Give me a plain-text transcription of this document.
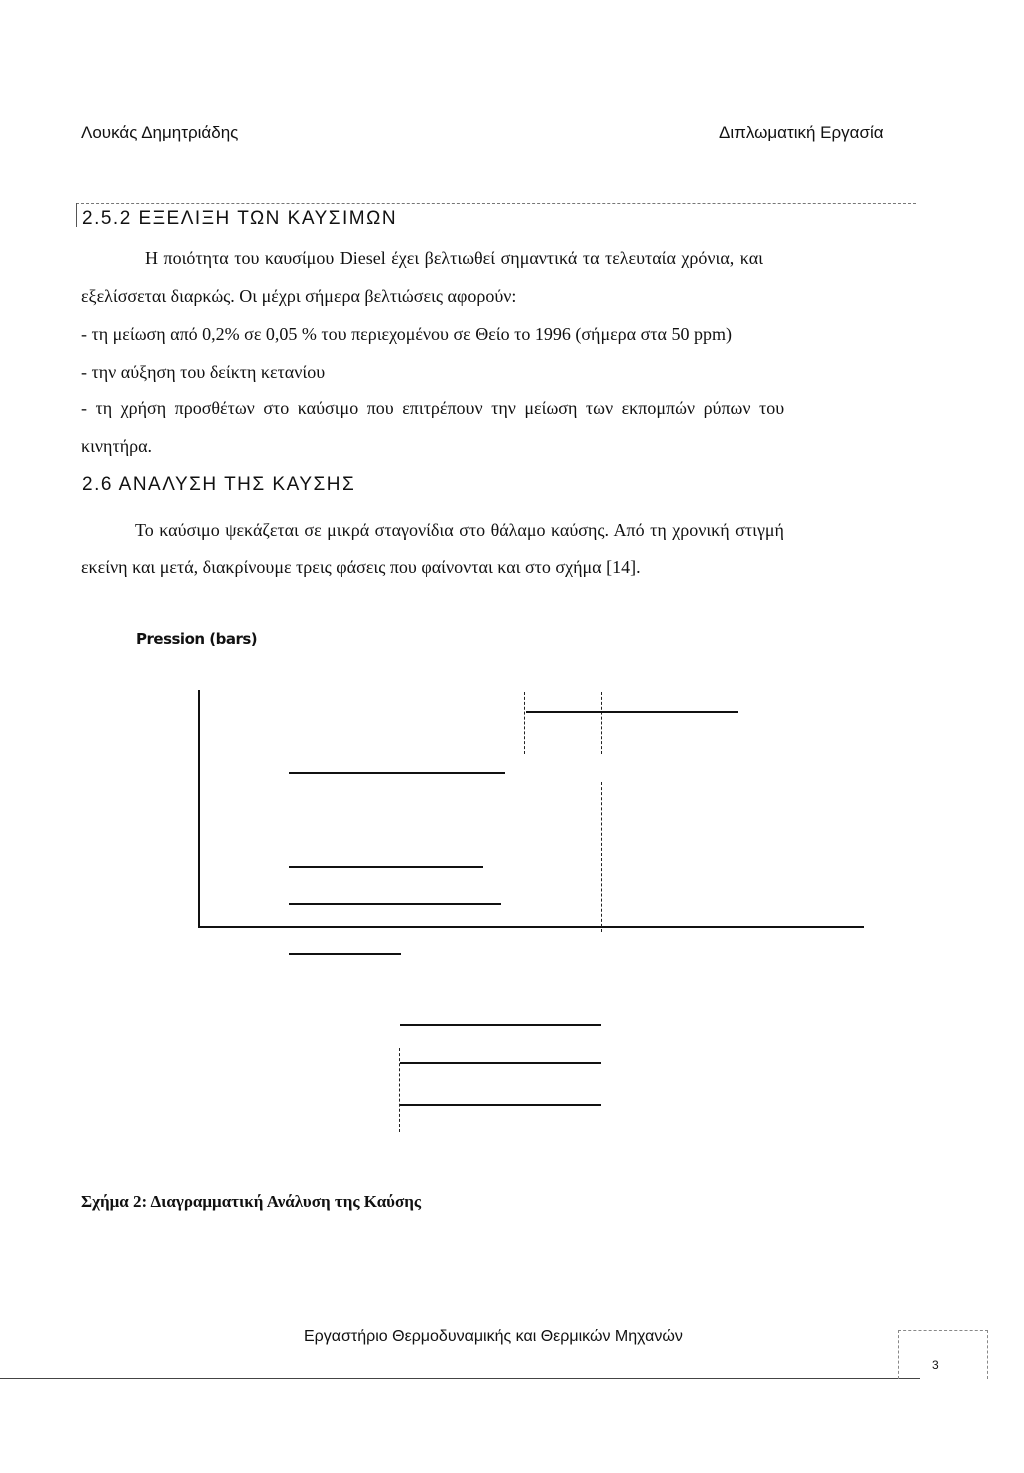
Λουκάς Δημητριάδης	Διπλωματική Εργασία
2.5.2 ΕΞΕΛΙΞΗ ΤΩΝ ΚΑΥΣΙΜΩΝ
Η ποιότητα του καυσίμου Diesel έχει βελτιωθεί σημαντικά τα τελευταία χρόνια, και
εξελίσσεται διαρκώς. Οι μέχρι σήμερα βελτιώσεις αφορούν:
- τη μείωση από 0,2% σε 0,05 % του περιεχομένου σε Θείο το 1996 (σήμερα στα 50 ppm)
- την αύξηση του δείκτη κετανίου
- τη χρήση προσθέτων στο καύσιμο που επιτρέπουν την μείωση των εκπομπών ρύπων του
κινητήρα.
2.6 ΑΝΑΛΥΣΗ ΤΗΣ ΚΑΥΣΗΣ
Το καύσιμο ψεκάζεται σε μικρά σταγονίδια στο θάλαμο καύσης. Από τη χρονική στιγμή
εκείνη και μετά, διακρίνουμε τρεις φάσεις που φαίνονται και στο σχήμα [14].
Pression (bars)
Σχήμα 2: Διαγραμματική Ανάλυση της Καύσης
Εργαστήριο Θερμοδυναμικής και Θερμικών Μηχανών
3
